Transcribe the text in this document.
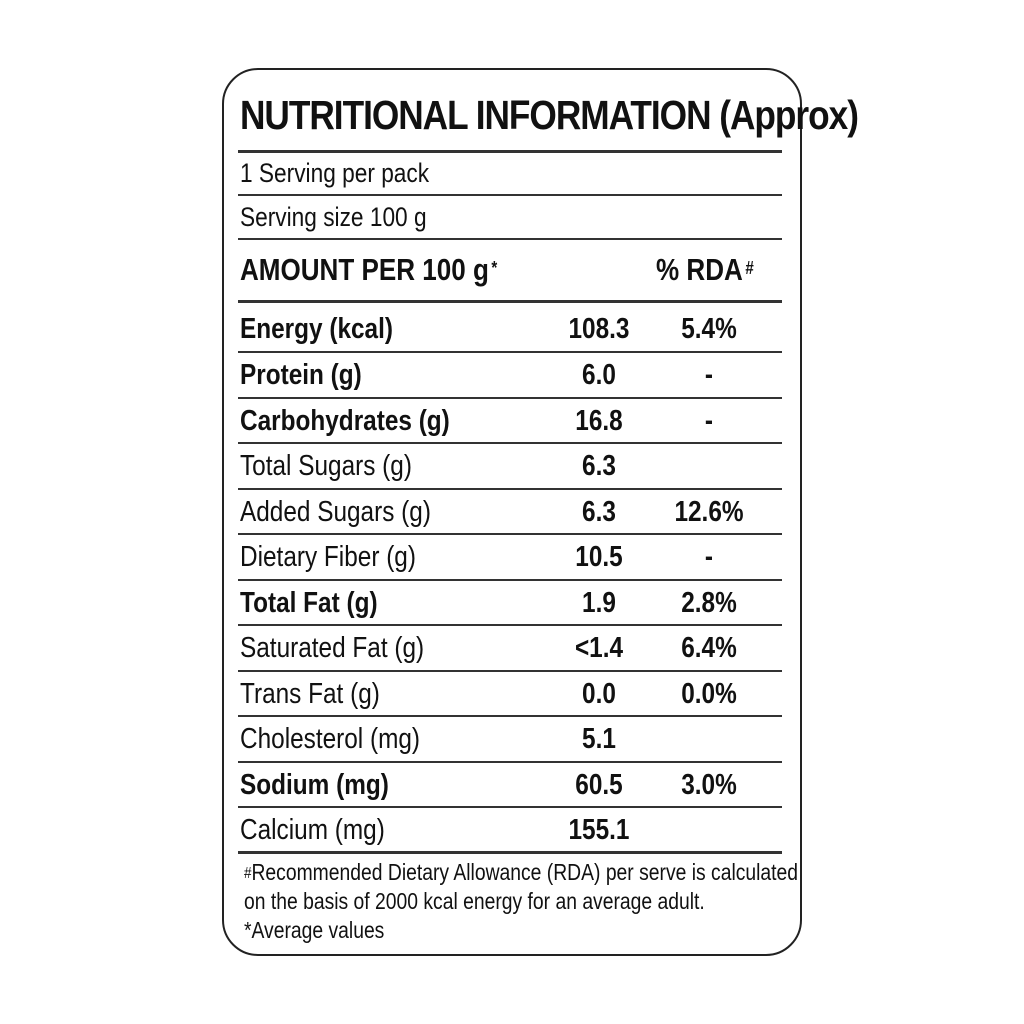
NUTRITIONAL INFORMATION (Approx)
1 Serving per pack
Serving size 100 g
AMOUNT PER 100 g *	% RDA #
Energy (kcal)	108.3	5.4%
Protein (g)	6.0	-
Carbohydrates (g)	16.8	-
Total Sugars (g)	6.3
Added Sugars (g)	6.3	12.6%
Dietary Fiber (g)	10.5	-
Total Fat (g)	1.9	2.8%
Saturated Fat (g)	<1.4	6.4%
Trans Fat (g)	0.0	0.0%
Cholesterol (mg)	5.1
Sodium (mg)	60.5	3.0%
Calcium (mg)	155.1
#Recommended Dietary Allowance (RDA) per serve is calculated
on the basis of 2000 kcal energy for an average adult.
*Average values
